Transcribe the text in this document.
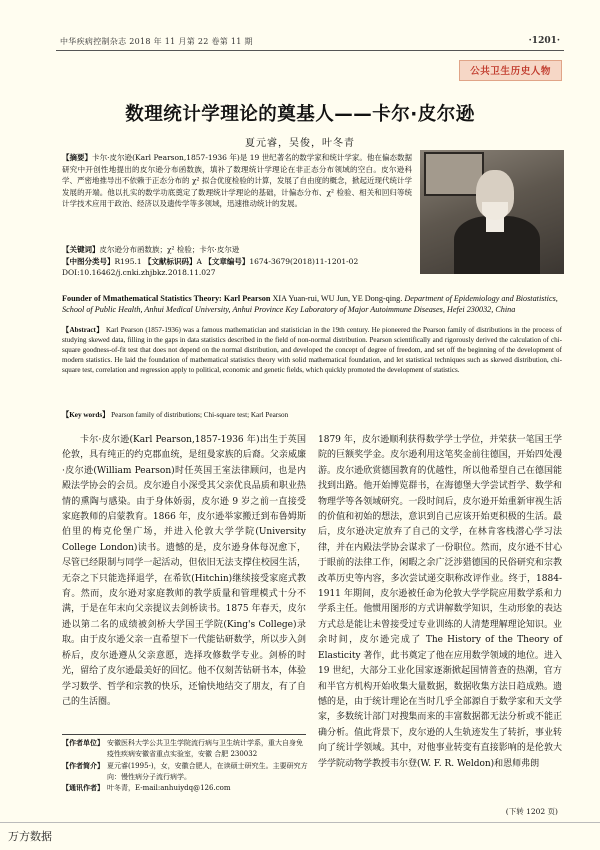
中华疾病控制杂志 2018 年 11 月第 22 卷第 11 期	·1201·
公共卫生历史人物
数理统计学理论的奠基人——卡尔·皮尔逊
夏元睿，吴俊，叶冬青
【摘要】卡尔·皮尔逊(Karl Pearson,1857-1936 年)是 19 世纪著名的数学家和统计学家。他在偏态数据研究中开创性地提出的皮尔逊分布函数族，填补了数理统计学理论在非正态分布领域的空白。皮尔逊科学、严密地推导出不依赖于正态分布的 χ² 拟合优度检验的计算，发展了自由度的概念，掀起近现代统计学发展的开端。他以扎实的数学功底奠定了数理统计学理论的基础，计偏态分布、χ² 检验、相关和回归等统计学技术应用于政治、经济以及遗传学等多领域，迅速推动统计的发展。
【关键词】皮尔逊分布函数族；χ² 检验；卡尔·皮尔逊
【中图分类号】R195.1 【文献标识码】A 【文章编号】1674-3679(2018)11-1201-02
DOI:10.16462/j.cnki.zhjbkz.2018.11.027
Founder of Mmathematical Statistics Theory: Karl Pearson XIA Yuan-rui, WU Jun, YE Dong-qing. Department of Epidemiology and Biostatistics, School of Public Health, Anhui Medical University, Anhui Province Key Laboratory of Major Autoimmune Diseases, Hefei 230032, China
【Abstract】 Karl Pearson (1857-1936) was a famous mathematician and statistician in the 19th century. He pioneered the Pearson family of distributions in the process of studying skewed data, filling in the gaps in data statistics described in the field of non-normal distribution. Pearson scientifically and rigorously derived the calculation of chi-square goodness-of-fit test that does not depend on the normal distribution, and developed the concept of degree of freedom, and set off the beginning of the development of modern statistics. He laid the foundation of mathematical statistics theory with solid mathematical foundation, and let statistical techniques such as skewed distribution, chi-square test, correlation and regression apply to political, economic and genetic fields, which quickly promoted the development of statistics.
【Key words】 Pearson family of distributions; Chi-square test; Karl Pearson

卡尔·皮尔逊(Karl Pearson,1857-1936 年)出生于英国伦敦，具有纯正的约克郡血统，是纽曼家族的后裔。父亲威廉·皮尔逊(William Pearson)时任英国王室法律顾问，也是内殿法学协会的会员。皮尔逊自小深受其父亲优良品质和职业热情的熏陶与感染。由于身体娇弱，皮尔逊 9 岁之前一直接受家庭教师的启蒙教育。1866 年，皮尔逊举家搬迁到布鲁姆斯伯里的梅克伦堡广场，并进入伦敦大学学院(University College London)读书。遗憾的是，皮尔逊身体每况愈下，尽管已经限制与同学一起活动，但依旧无法支撑住校园生活，无奈之下只能选择退学，在希钦(Hitchin)继续接受家庭式教育。然而，皮尔逊对家庭教师的教学质量和管理模式十分不满，于是在年末向父亲提议去剑桥读书。1875 年春天，皮尔逊以第二名的成绩被剑桥大学国王学院(King's College)录取。由于皮尔逊父亲一直希望下一代能钻研数学，所以步入剑桥后，皮尔逊遵从父亲意愿，选择攻修数学专业。剑桥的时光，留给了皮尔逊最美好的回忆。他不仅刻苦钻研书本，体验学习数学、哲学和宗教的快乐，还愉快地结交了朋友，有了自己的生活圈。

1879 年，皮尔逊顺利获得数学学士学位，并荣获一笔国王学院的巨额奖学金。皮尔逊利用这笔奖金前往德国，开始四处漫游。皮尔逊欣赏德国教育的优越性，所以他希望自己在德国能找到出路。他开始博览群书，在海德堡大学尝试哲学、数学和物理学等各领域研究。一段时间后，皮尔逊开始重新审视生活的价值和初始的想法，意识到自己应该开始更积极的生活。最后，皮尔逊决定放弃了自己的文学，在林肯客栈潜心学习法律，并在内殿法学协会谋求了一份职位。然而，皮尔逊不甘心于眼前的法律工作，闲暇之余广泛涉猎德国的民俗研究和宗教改革历史等内容，多次尝试递交职称改评作业。终于，1884-1911 年期间，皮尔逊被任命为伦敦大学学院应用数学系和力学系主任。他惯用图形的方式讲解数学知识，生动形象的表达方式总是能让未曾接受过专业训练的人清楚理解理论知识。业余时间，皮尔逊完成了 The History of the Theory of Elasticity 著作，此书奠定了他在应用数学领域的地位。进入 19 世纪，大部分工业化国家逐渐掀起国情普查的热潮，官方和半官方机构开始收集大量数据，数据收集方法日趋成熟。遗憾的是，由于统计理论在当时几乎全部源自于数学家和天文学家，多数统计部门对搜集而来的丰富数据都无法分析或不能正确分析。值此背景下，皮尔逊的人生轨迹发生了转折，事业转向了统计学领域。其中，对他事业转变有直接影响的是伦敦大学学院动物学教授韦尔登(W. F. R. Weldon)和恩师弗朗

【作者单位】 安徽医科大学公共卫生学院流行病与卫生统计学系，重大自身免疫性疾病安徽省重点实验室，安徽 合肥 230032
【作者简介】 夏元睿(1995-)，女，安徽合肥人，在读硕士研究生。主要研究方向：慢性病分子流行病学。
【通讯作者】 叶冬青，E-mail:anhuiydq@126.com
(下转 1202 页)
万方数据
